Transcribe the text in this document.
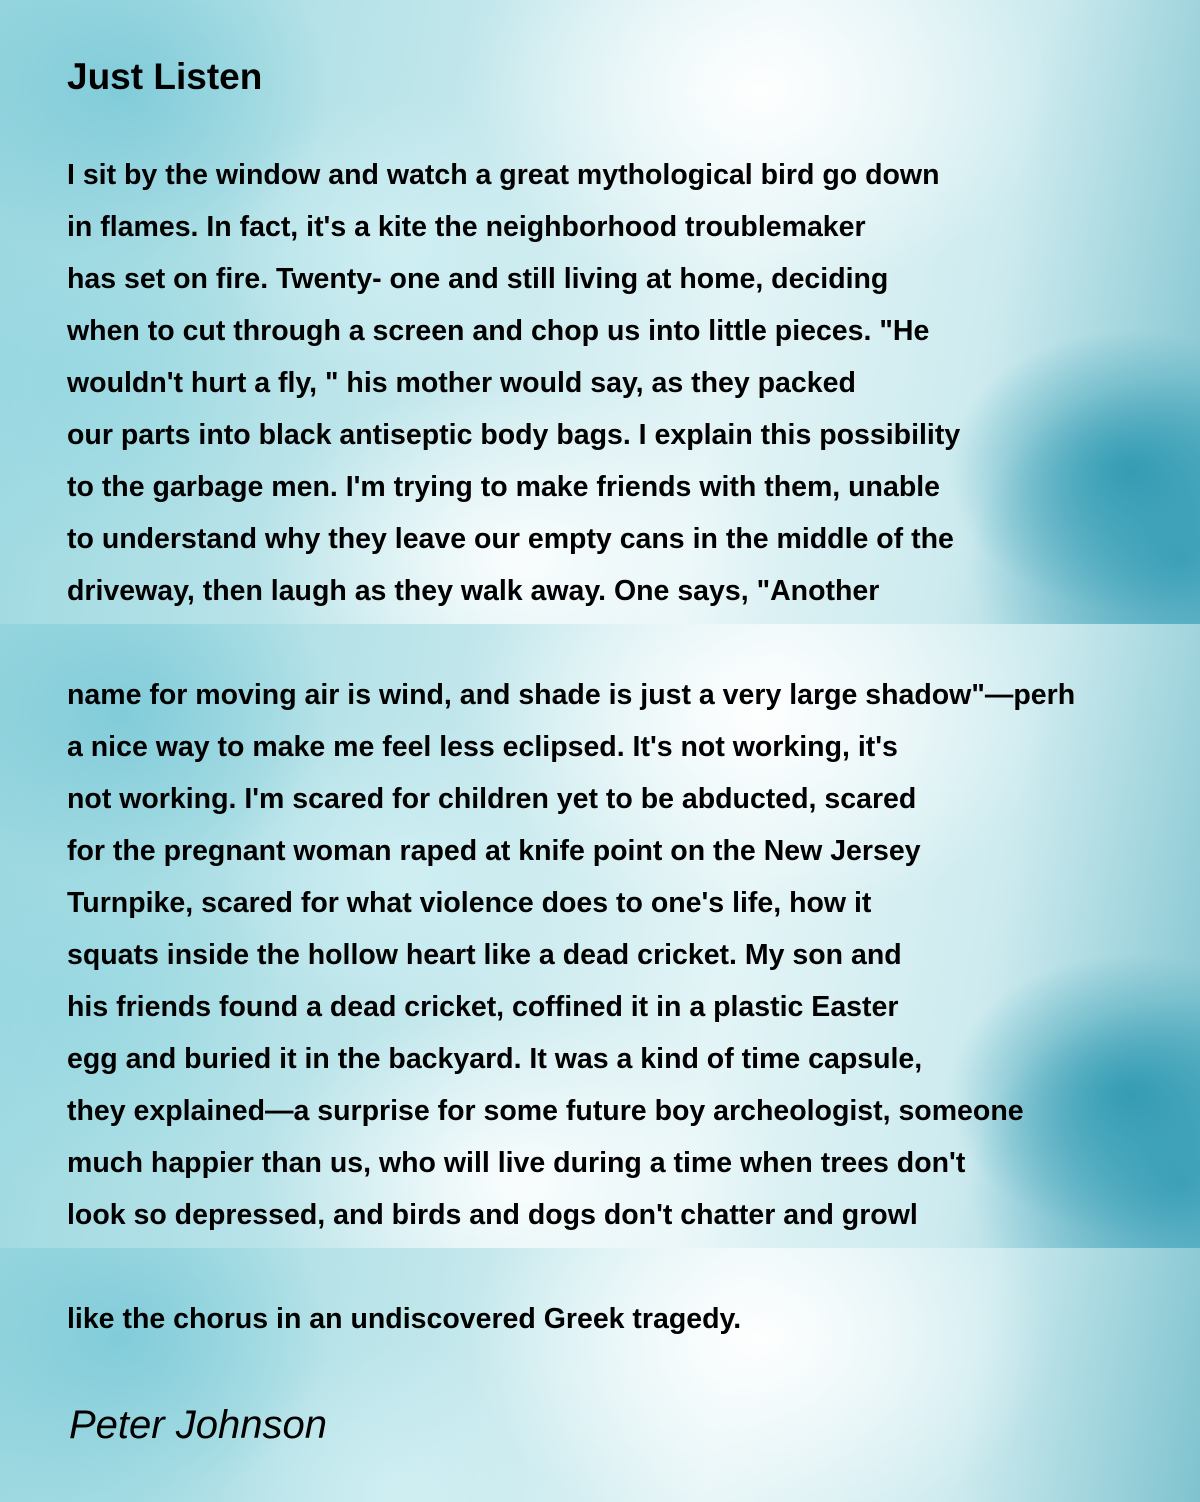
Just Listen
I sit by the window and watch a great mythological bird go down
in flames. In fact, it's a kite the neighborhood troublemaker
has set on fire. Twenty- one and still living at home, deciding
when to cut through a screen and chop us into little pieces. "He
wouldn't hurt a fly, " his mother would say, as they packed
our parts into black antiseptic body bags. I explain this possibility
to the garbage men. I'm trying to make friends with them, unable
to understand why they leave our empty cans in the middle of the
driveway, then laugh as they walk away. One says, "Another
name for moving air is wind, and shade is just a very large shadow"—perh
a nice way to make me feel less eclipsed. It's not working, it's
not working. I'm scared for children yet to be abducted, scared
for the pregnant woman raped at knife point on the New Jersey
Turnpike, scared for what violence does to one's life, how it
squats inside the hollow heart like a dead cricket. My son and
his friends found a dead cricket, coffined it in a plastic Easter
egg and buried it in the backyard. It was a kind of time capsule,
they explained—a surprise for some future boy archeologist, someone
much happier than us, who will live during a time when trees don't
look so depressed, and birds and dogs don't chatter and growl
like the chorus in an undiscovered Greek tragedy.
Peter Johnson
